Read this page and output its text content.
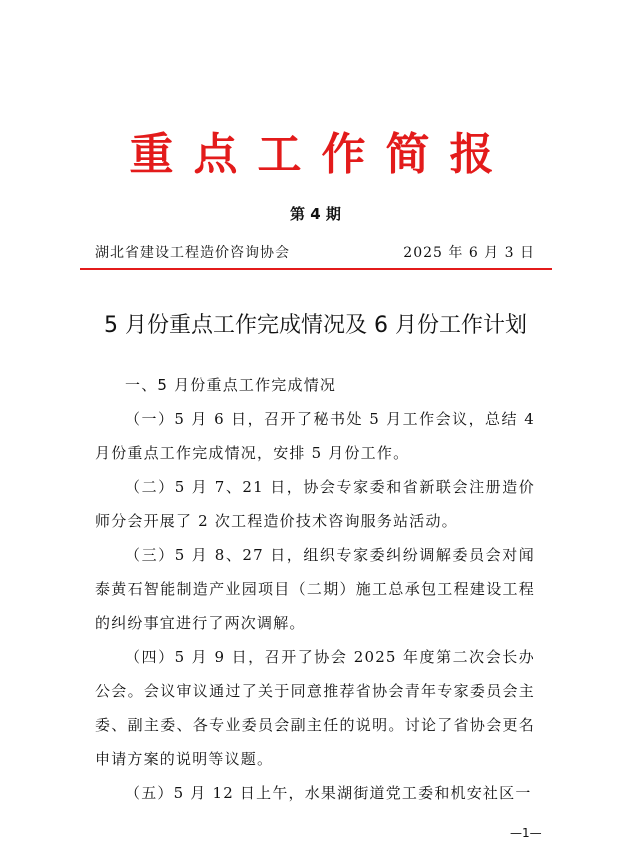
重点工作简报
第 4 期
湖北省建设工程造价咨询协会	2025 年 6 月 3 日
5 月份重点工作完成情况及 6 月份工作计划
一、5 月份重点工作完成情况

（一）5 月 6 日，召开了秘书处 5 月工作会议，总结 4 月份重点工作完成情况，安排 5 月份工作。

（二）5 月 7、21 日，协会专家委和省新联会注册造价师分会开展了 2 次工程造价技术咨询服务站活动。

（三）5 月 8、27 日，组织专家委纠纷调解委员会对闻泰黄石智能制造产业园项目（二期）施工总承包工程建设工程的纠纷事宜进行了两次调解。

（四）5 月 9 日，召开了协会 2025 年度第二次会长办公会。会议审议通过了关于同意推荐省协会青年专家委员会主委、副主委、各专业委员会副主任的说明。讨论了省协会更名申请方案的说明等议题。

（五）5 月 12 日上午，水果湖街道党工委和机安社区一

—1—
